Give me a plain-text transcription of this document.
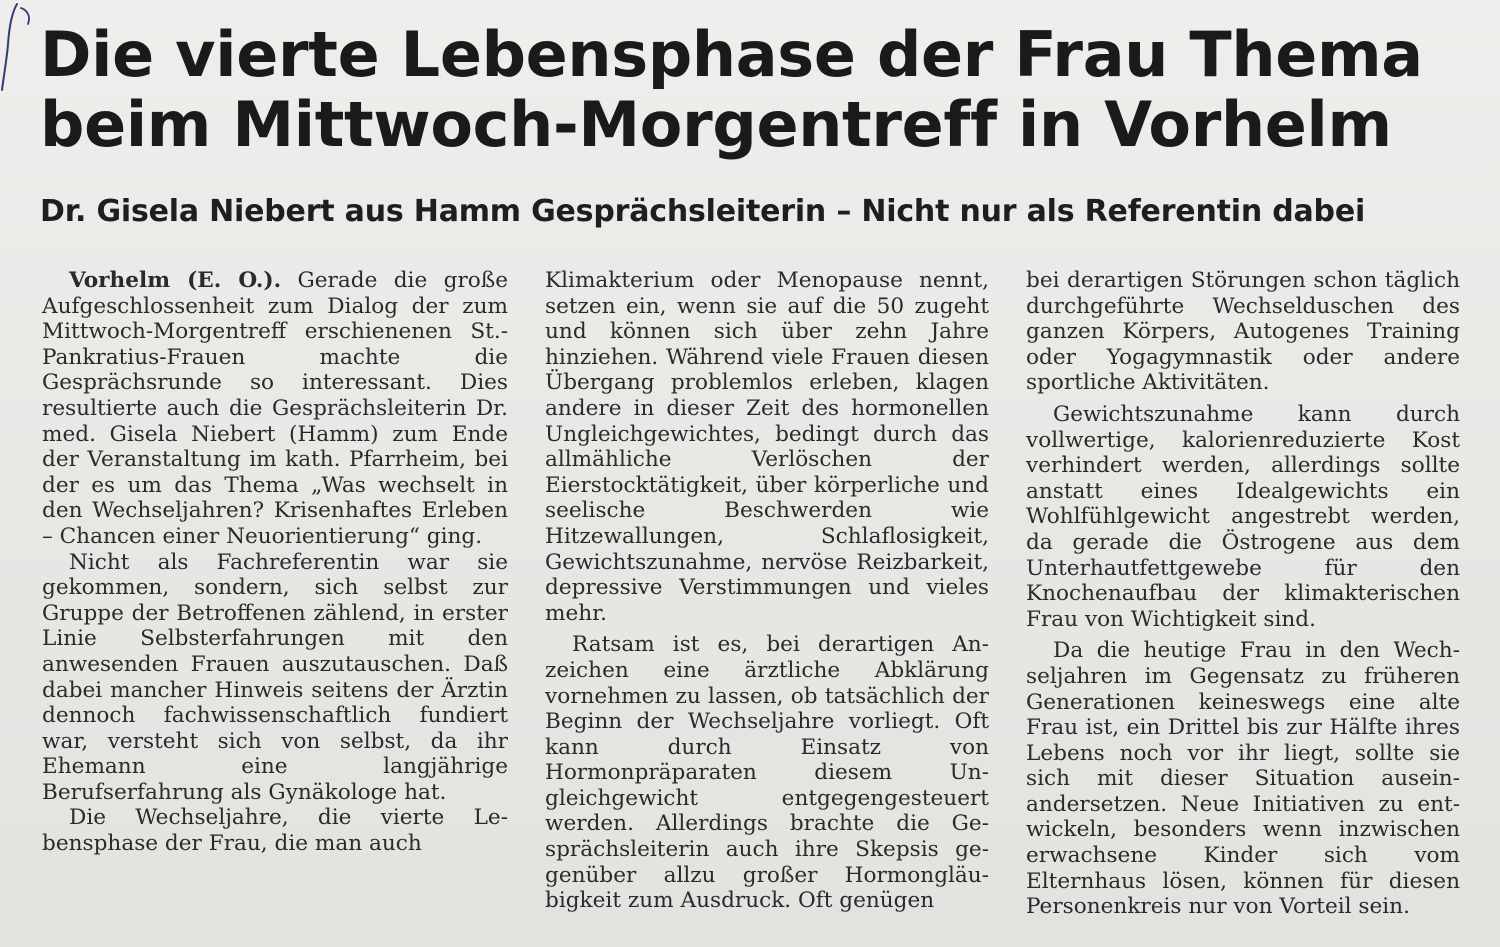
Die vierte Lebensphase der Frau Thema
beim Mittwoch-Morgentreff in Vorhelm
Dr. Gisela Niebert aus Hamm Gesprächsleiterin – Nicht nur als Referentin dabei

Vorhelm (E. O.). Gerade die große Aufgeschlossenheit zum Dialog der zum Mittwoch-Morgentreff erschienenen St.-Pankratius-Frauen machte die Gesprächsrunde so interessant. Dies resultierte auch die Gesprächsleiterin Dr. med. Gisela Niebert (Hamm) zum Ende der Veranstaltung im kath. Pfarrheim, bei der es um das Thema „Was wechselt in den Wechseljahren? Krisenhaftes Erleben – Chancen einer Neuorientierung“ ging.

Nicht als Fachreferentin war sie gekommen, sondern, sich selbst zur Gruppe der Betroffenen zählend, in erster Linie Selbsterfahrungen mit den anwesenden Frauen auszutauschen. Daß dabei mancher Hinweis seitens der Ärztin dennoch fachwissenschaftlich fundiert war, versteht sich von selbst, da ihr Ehemann eine langjährige Berufserfahrung als Gynäkologe hat.

Die Wechseljahre, die vierte Lebensphase der Frau, die man auch

Klimakterium oder Menopause nennt, setzen ein, wenn sie auf die 50 zugeht und können sich über zehn Jahre hinziehen. Während viele Frauen diesen Übergang problemlos erleben, klagen andere in dieser Zeit des hormonellen Ungleichgewichtes, bedingt durch das allmähliche Verlöschen der Eierstocktätigkeit, über körperliche und seelische Beschwerden wie Hitzewallungen, Schlaflosigkeit, Gewichtszunahme, nervöse Reizbarkeit, depressive Verstimmungen und vieles mehr.

Ratsam ist es, bei derartigen Anzeichen eine ärztliche Abklärung vornehmen zu lassen, ob tatsächlich der Beginn der Wechseljahre vorliegt. Oft kann durch Einsatz von Hormonpräparaten diesem Ungleichgewicht entgegengesteuert werden. Allerdings brachte die Gesprächsleiterin auch ihre Skepsis gegenüber allzu großer Hormongläubigkeit zum Ausdruck. Oft genügen

bei derartigen Störungen schon täglich durchgeführte Wechselduschen des ganzen Körpers, Autogenes Training oder Yogagymnastik oder andere sportliche Aktivitäten.

Gewichtszunahme kann durch vollwertige, kalorienreduzierte Kost verhindert werden, allerdings sollte anstatt eines Idealgewichts ein Wohlfühlgewicht angestrebt werden, da gerade die Östrogene aus dem Unterhautfettgewebe für den Knochenaufbau der klimakterischen Frau von Wichtigkeit sind.

Da die heutige Frau in den Wechseljahren im Gegensatz zu früheren Generationen keineswegs eine alte Frau ist, ein Drittel bis zur Hälfte ihres Lebens noch vor ihr liegt, sollte sie sich mit dieser Situation auseinandersetzen. Neue Initiativen zu entwickeln, besonders wenn inzwischen erwachsene Kinder sich vom Elternhaus lösen, können für diesen Personenkreis nur von Vorteil sein.
